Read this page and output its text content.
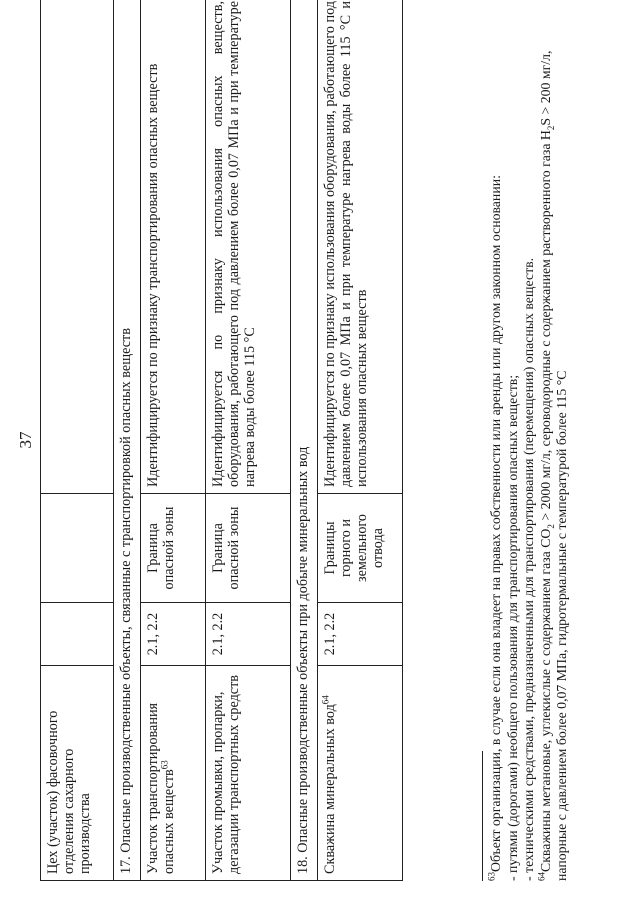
37
Цех (участок) фасовочного отделения сахарного производства			
17. Опасные производственные объекты, связанные с транспортировкой опасных веществ			
Участок транспортирования опасных веществ$^{63}$	2.1, 2.2	Граница опасной зоны	Идентифицируется по признаку транспортирования опасных веществ
Участок промывки, пропарки, дегазации транспортных средств	2.1, 2.2	Граница опасной зоны	Идентифицируется по признаку использования опасных веществ, оборудования, работающего под давлением более 0,07 МПа и при температуре нагрева воды более 115 °С
18. Опасные производственные объекты при добыче минеральных вод			
Скважина минеральных вод$^{64}$	2.1, 2.2	Границы горного и земельного отвода	Идентифицируется по признаку использования оборудования, работающего под давлением более 0,07 МПа и при температуре нагрева воды более 115 °С и использования опасных веществ

$^{63}$Объект организации, в случае если она владеет на правах собственности или аренды или другом законном основании: - путями (дорогами) необщего пользования для транспортирования опасных веществ; - техническими средствами, предназначенными для транспортирования (перемещения) опасных веществ. $^{64}$Скважины метановые, углекислые с содержанием газа $CO_2 > 2000$ мг/л, сероводородные с содержанием растворенного газа $H_2S > 200$ мг/л, напорные с давлением более 0,07 МПа, гидротермальные с температурой более 115 °С
